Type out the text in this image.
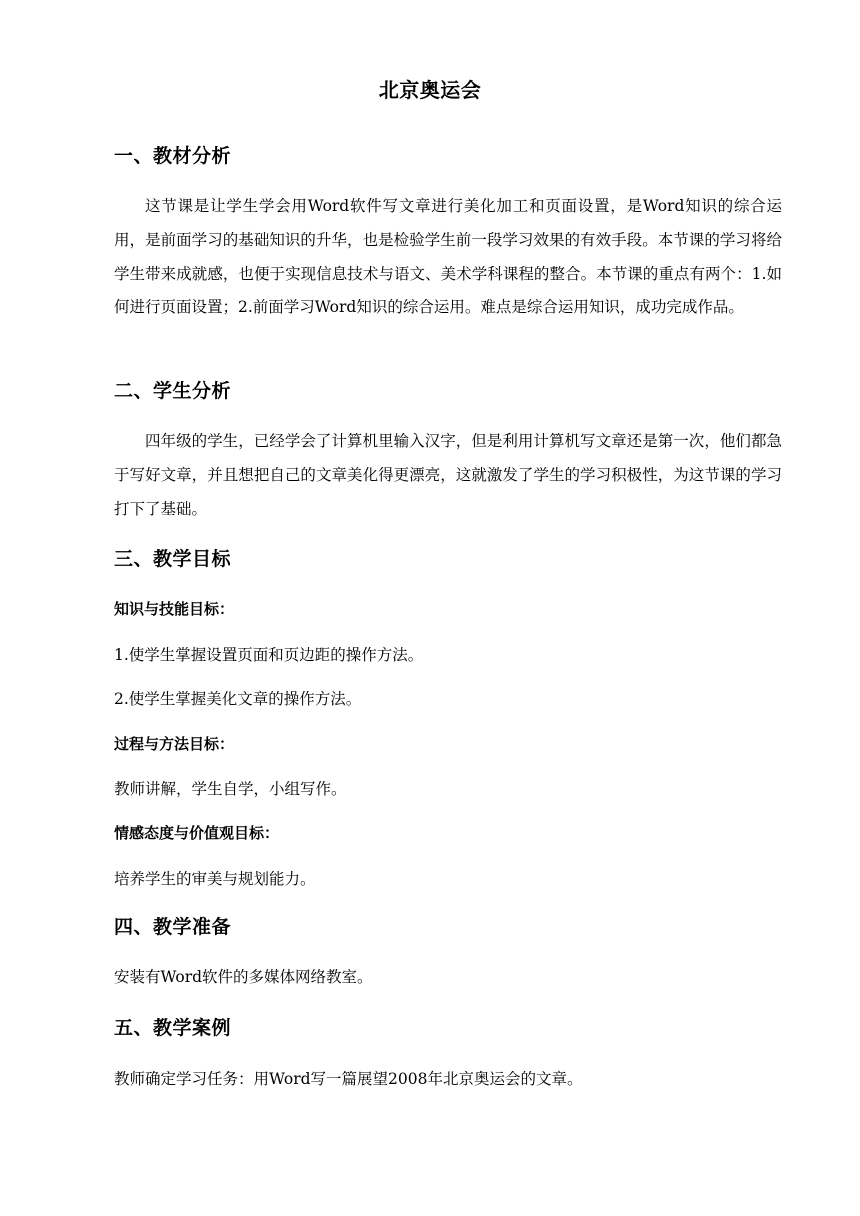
北京奥运会
一、教材分析
这节课是让学生学会用Word软件写文章进行美化加工和页面设置，是Word知识的综合运用，是前面学习的基础知识的升华，也是检验学生前一段学习效果的有效手段。本节课的学习将给学生带来成就感，也便于实现信息技术与语文、美术学科课程的整合。本节课的重点有两个：1.如何进行页面设置；2.前面学习Word知识的综合运用。难点是综合运用知识，成功完成作品。
二、学生分析
四年级的学生，已经学会了计算机里输入汉字，但是利用计算机写文章还是第一次，他们都急于写好文章，并且想把自己的文章美化得更漂亮，这就激发了学生的学习积极性，为这节课的学习打下了基础。
三、教学目标
知识与技能目标：
1.使学生掌握设置页面和页边距的操作方法。
2.使学生掌握美化文章的操作方法。
过程与方法目标：
教师讲解，学生自学，小组写作。
情感态度与价值观目标：
培养学生的审美与规划能力。
四、教学准备
安装有Word软件的多媒体网络教室。
五、教学案例
教师确定学习任务：用Word写一篇展望2008年北京奥运会的文章。
